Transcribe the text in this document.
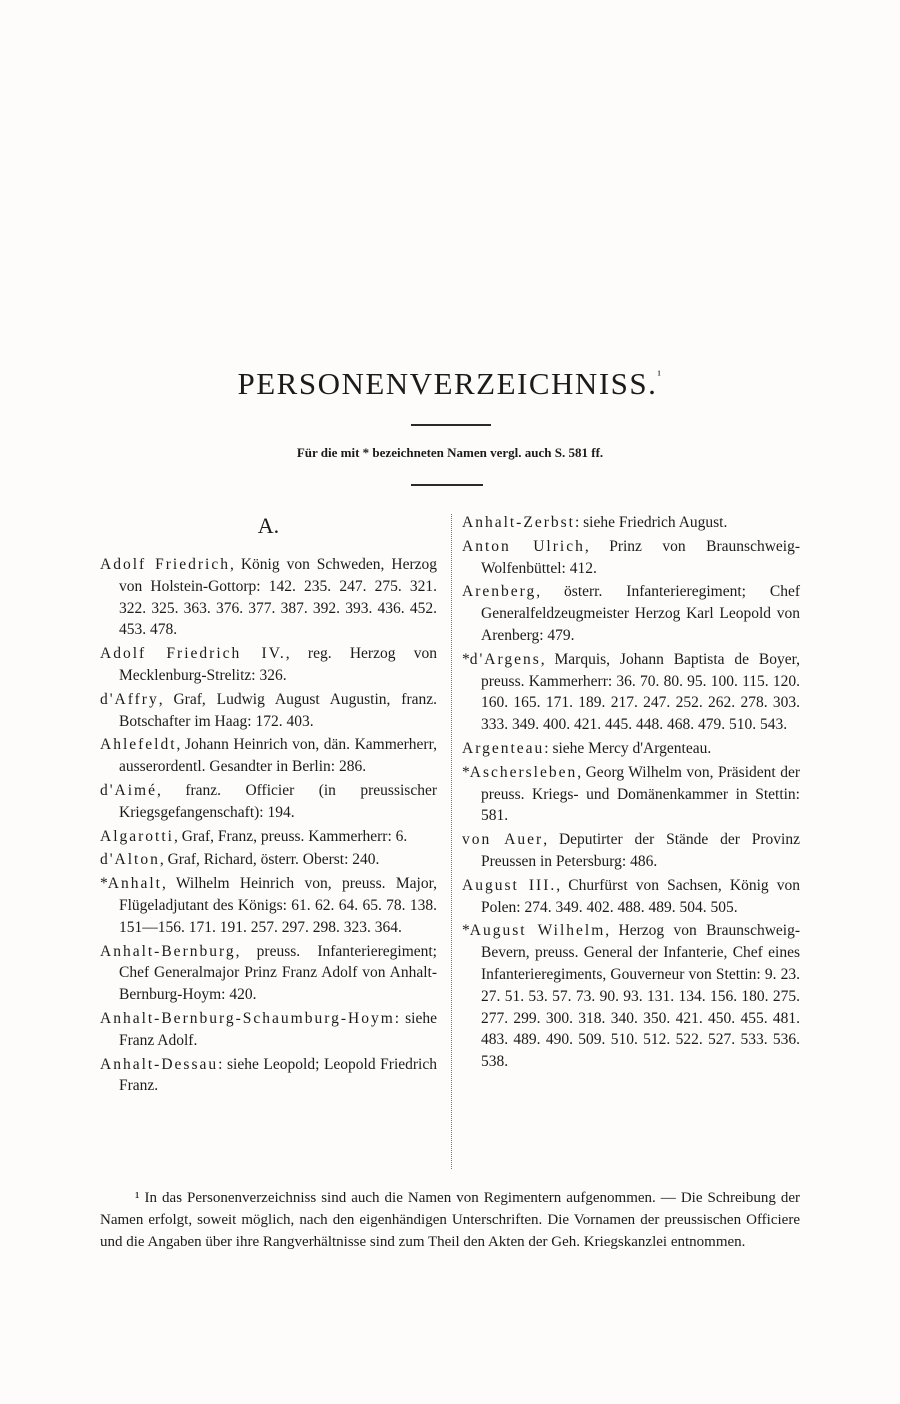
PERSONENVERZEICHNISS.$^{^1}$
Für die mit * bezeichneten Namen vergl. auch S. 581 ff.
A.

Adolf Friedrich, König von Schweden, Herzog von Holstein-Gottorp: 142. 235. 247. 275. 321. 322. 325. 363. 376. 377. 387. 392. 393. 436. 452. 453. 478.

Adolf Friedrich IV., reg. Herzog von Mecklenburg-Strelitz: 326.

d'Affry, Graf, Ludwig August Augustin, franz. Botschafter im Haag: 172. 403.

Ahlefeldt, Johann Heinrich von, dän. Kammerherr, ausserordentl. Gesandter in Berlin: 286.

d'Aimé, franz. Officier (in preussischer Kriegsgefangenschaft): 194.

Algarotti, Graf, Franz, preuss. Kammerherr: 6.

d'Alton, Graf, Richard, österr. Oberst: 240.

*Anhalt, Wilhelm Heinrich von, preuss. Major, Flügeladjutant des Königs: 61. 62. 64. 65. 78. 138. 151—156. 171. 191. 257. 297. 298. 323. 364.

Anhalt-Bernburg, preuss. Infanterieregiment; Chef Generalmajor Prinz Franz Adolf von Anhalt-Bernburg-Hoym: 420.

Anhalt-Bernburg-Schaumburg-Hoym: siehe Franz Adolf.

Anhalt-Dessau: siehe Leopold; Leopold Friedrich Franz.

Anhalt-Zerbst: siehe Friedrich August.

Anton Ulrich, Prinz von Braunschweig-Wolfenbüttel: 412.

Arenberg, österr. Infanterieregiment; Chef Generalfeldzeugmeister Herzog Karl Leopold von Arenberg: 479.

*d'Argens, Marquis, Johann Baptista de Boyer, preuss. Kammerherr: 36. 70. 80. 95. 100. 115. 120. 160. 165. 171. 189. 217. 247. 252. 262. 278. 303. 333. 349. 400. 421. 445. 448. 468. 479. 510. 543.

Argenteau: siehe Mercy d'Argenteau.

*Aschersleben, Georg Wilhelm von, Präsident der preuss. Kriegs- und Domänenkammer in Stettin: 581.

von Auer, Deputirter der Stände der Provinz Preussen in Petersburg: 486.

August III., Churfürst von Sachsen, König von Polen: 274. 349. 402. 488. 489. 504. 505.

*August Wilhelm, Herzog von Braunschweig-Bevern, preuss. General der Infanterie, Chef eines Infanterieregiments, Gouverneur von Stettin: 9. 23. 27. 51. 53. 57. 73. 90. 93. 131. 134. 156. 180. 275. 277. 299. 300. 318. 340. 350. 421. 450. 455. 481. 483. 489. 490. 509. 510. 512. 522. 527. 533. 536. 538.

¹ In das Personenverzeichniss sind auch die Namen von Regimentern aufgenommen. — Die Schreibung der Namen erfolgt, soweit möglich, nach den eigenhändigen Unterschriften. Die Vornamen der preussischen Officiere und die Angaben über ihre Rangverhältnisse sind zum Theil den Akten der Geh. Kriegskanzlei entnommen.
